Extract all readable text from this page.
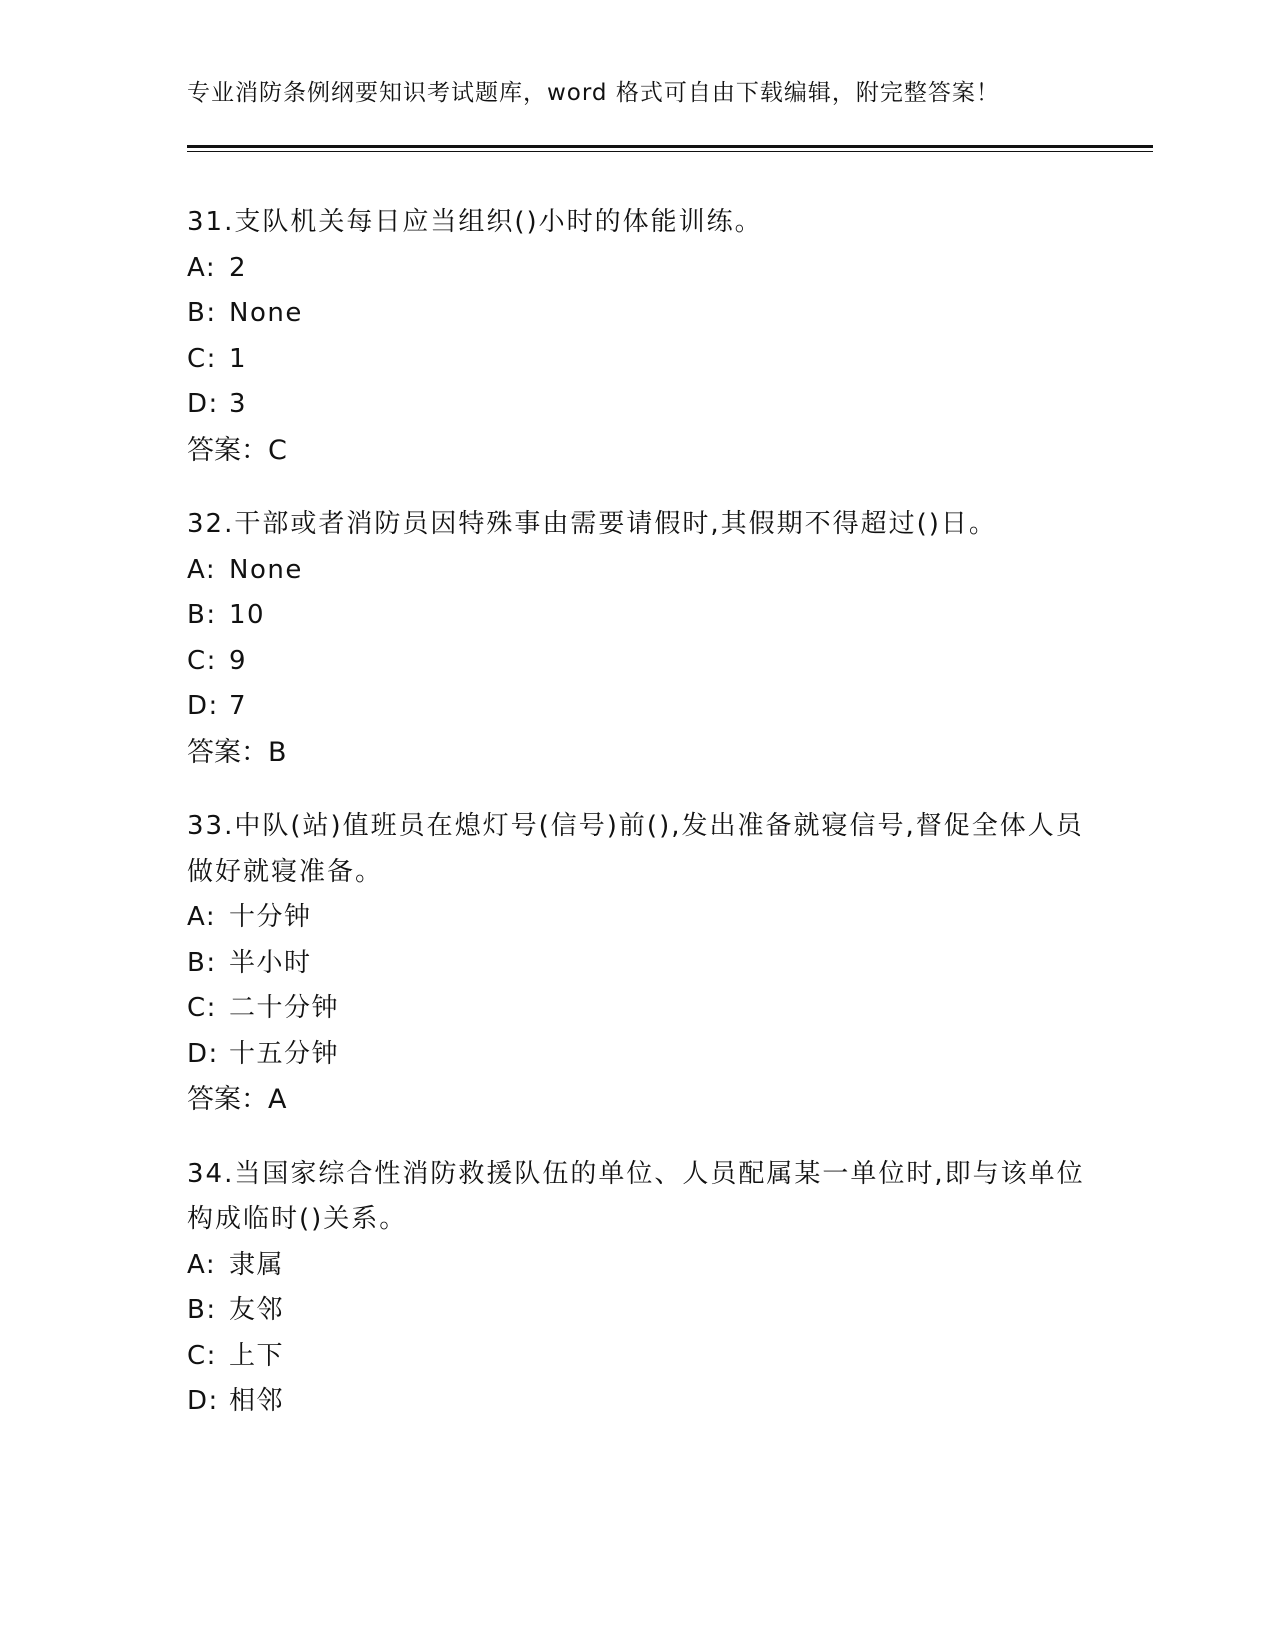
专业消防条例纲要知识考试题库，word 格式可自由下载编辑，附完整答案！

31.支队机关每日应当组织()小时的体能训练。

A: 2
B: None
C: 1
D: 3
答案：C

32.干部或者消防员因特殊事由需要请假时,其假期不得超过()日。

A: None
B: 10
C: 9
D: 7
答案：B

33.中队(站)值班员在熄灯号(信号)前(),发出准备就寝信号,督促全体人员做好就寝准备。

A: 十分钟
B: 半小时
C: 二十分钟
D: 十五分钟
答案：A

34.当国家综合性消防救援队伍的单位、人员配属某一单位时,即与该单位构成临时()关系。

A: 隶属
B: 友邻
C: 上下
D: 相邻
